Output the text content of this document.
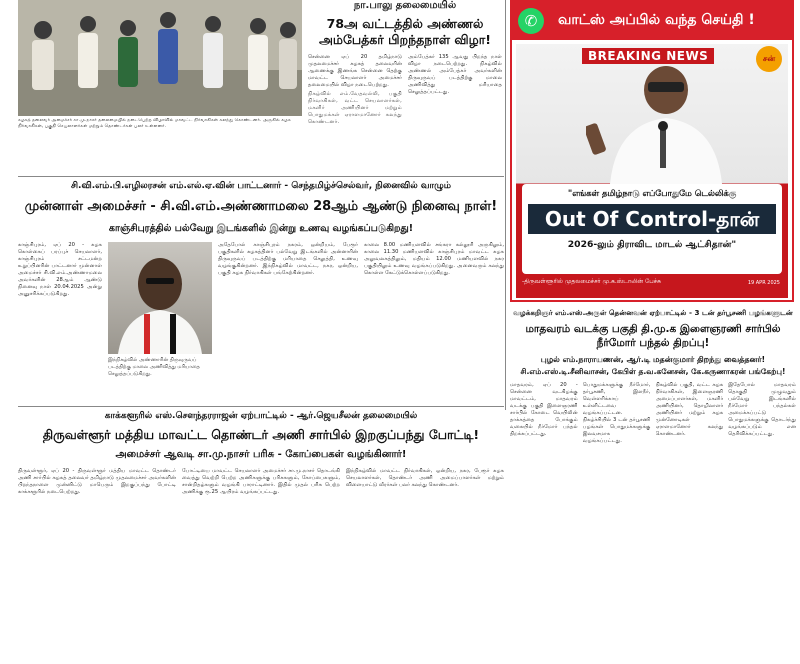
கழகத் தலைவர் அமைச்சர் சா.மு.நாசர் தலைமையில் நடைபெற்ற விழாவில் மாவட்ட நிர்வாகிகள் கலந்து கொண்டனர். அருகில் கழக நிர்வாகிகள், பகுதி செயலாளர்கள் மற்றும் தொண்டர்கள் பலர் உள்ளனர்.
நா.பாலு தலைமையில்
78அ வட்டத்தில் அண்ணல் அம்பேத்கர் பிறந்தநாள் விழா!

சென்னை ஏப் 20 தமிழ்நாடு முதலமைச்சர் கழகத் தலைவரின் ஆணைக்கு இணங்க சென்னை தெற்கு மாவட்ட செயலாளர் அமைச்சர் தலைமையில் விழா நடைபெற்றது.

நிகழ்வில் எம்.வேதவல்லி, பகுதி நிர்வாகிகள், வட்ட செயலாளர்கள், மகளிர் அணியினர் மற்றும் பொதுமக்கள் ஏராளமானோர் கலந்து கொண்டனர்.

அம்பேத்கர் 135 ஆவது பிறந்த நாள் விழா நடைபெற்றது. நிகழ்வில் அண்ணல் அம்பேத்கர் அவர்களின் திருவுருவப் படத்திற்கு மாலை அணிவித்து மரியாதை செலுத்தப்பட்டது.

✆	வாட்ஸ் அப்பில் வந்த செய்தி !
BREAKING NEWS	சன்
"எங்கள் தமிழ்நாடு எப்போதுமே டெல்லிக்கு
Out Of Control-தான்
2026-லும் திராவிட மாடல் ஆட்சிதான்"
-திருவள்ளூரில் முதலமைச்சர் மு.க.ஸ்டாலின் பேச்சு	19 APR 2025
சி.வி.எம்.பி.எழிலரசன் எம்.எல்.ஏ.வின் பாட்டனார் - செந்தமிழ்ச்செல்வர், நினைவில் வாழும்
முன்னாள் அமைச்சர் - சி.வி.எம்.அண்ணாமலை 28ஆம் ஆண்டு நினைவு நாள்!
காஞ்சிபுரத்தில் பல்வேறு இடங்களில் இன்று உணவு வழங்கப்படுகிறது!

காஞ்சிபுரம், ஏப் 20 - கழக கொள்கைப் பரப்புச் செயலாளர், காஞ்சிபுரம் சட்டமன்ற உறுப்பினரின் பாட்டனார் முன்னாள் அமைச்சர் சி.வி.எம்.அண்ணாமலை அவர்களின் 28ஆம் ஆண்டு நினைவு நாள் 20.04.2025 அன்று அனுசரிக்கப்படுகிறது.

இந்நிகழ்வில் அண்ணாரின் திருவுருவப் படத்திற்கு மாலை அணிவித்து மரியாதை செலுத்தப்படுகிறது.

அதேபோல் காஞ்சிபுரம் நகரம், ஒன்றியம், பேரூர் பகுதிகளில் கழகத்தினர் பல்வேறு இடங்களில் அன்னாரின் திருவுருவப் படத்திற்கு மரியாதை செலுத்தி, உணவு வழங்குகின்றனர். இந்நிகழ்வில் மாவட்ட, நகர, ஒன்றிய, பகுதி கழக நிர்வாகிகள் பங்கேற்கின்றனர்.

காலை 8.00 மணியளவில் சங்கரா கல்லூரி அருகிலும், காலை 11.30 மணியளவில் காஞ்சிபுரம் மாவட்ட கழக அலுவலகத்திலும், மதியம் 12.00 மணியளவில் நகர பகுதியிலும் உணவு வழங்கப்படுகிறது. அனைவரும் கலந்து கொள்ள கேட்டுக்கொள்ளப்படுகிறது.

காக்களூரில் எஸ்.சௌந்தரராஜன் ஏற்பாட்டில் - ஆர்.ஜெயசீலன் தலைமையில்
திருவள்ளூர் மத்திய மாவட்ட தொண்டர் அணி சார்பில் இறகுப்பந்து போட்டி!
அமைச்சர் ஆவடி சா.மு.நாசர் பரிசு - கோப்பைகள் வழங்கினார்!

திருவள்ளூர், ஏப் 20 - திருவள்ளூர் மத்திய மாவட்ட தொண்டர் அணி சார்பில் கழகத் தலைவர் தமிழ்நாடு முதலமைச்சர் அவர்களின் பிறந்தநாளை முன்னிட்டு மாபெரும் இறகுப்பந்து போட்டி காக்களூரில் நடைபெற்றது.

போட்டியை மாவட்ட செயலாளர் அமைச்சர் சா.மு.நாசர் தொடங்கி வைத்து வெற்றி பெற்ற அணிகளுக்கு பரிசுகளும், கோப்பைகளும், சான்றிதழ்களும் வழங்கி பாராட்டினார். இதில் முதல் பரிசு பெற்ற அணிக்கு ரூ.25 ஆயிரம் வழங்கப்பட்டது.

இந்நிகழ்வில் மாவட்ட நிர்வாகிகள், ஒன்றிய, நகர, பேரூர் கழக செயலாளர்கள், தொண்டர் அணி அமைப்பாளர்கள் மற்றும் விளையாட்டு வீரர்கள் பலர் கலந்து கொண்டனர்.

வழக்கறிஞர் எம்.எஸ்.அருள் தென்னவன் ஏற்பாட்டில் - 3 டன் தர்பூசணி பழங்களுடன்
மாதவரம் வடக்கு பகுதி தி.மு.க இளைஞரணி சார்பில் நீர்மோர் பந்தல் திறப்பு!
புழல் எம்.நாராயணன், ஆர்.டி மதன்குமார் திறந்து வைத்தனர்!
சி.எம்.எஸ்.டி.சீனிவாசன், கேபிள் த.வ.கனேசன், கே.கருணாகரன் பங்கேற்பு!

மாதவரம், ஏப் 20 - சென்னை வடகிழக்கு மாவட்டம், மாதவரம் வடக்கு பகுதி இளைஞரணி சார்பில் கோடை வெயிலின் தாக்கத்தை போக்கும் வகையில் நீர்மோர் பந்தல் திறக்கப்பட்டது.

பொதுமக்களுக்கு நீர்மோர், தர்பூசணி, இளநீர், வெள்ளரிக்காய் உள்ளிட்டவை வழங்கப்பட்டன. நிகழ்ச்சியில் 3 டன் தர்பூசணி பழங்கள் பொதுமக்களுக்கு இலவசமாக வழங்கப்பட்டது.

நிகழ்வில் பகுதி, வட்ட கழக நிர்வாகிகள், இளைஞரணி அமைப்பாளர்கள், மகளிர் அணியினர், தொழிலாளர் அணியினர் மற்றும் கழக முன்னோடிகள் ஏராளமானோர் கலந்து கொண்டனர்.

இதேபோல் மாதவரம் தொகுதி முழுவதும் பல்வேறு இடங்களில் நீர்மோர் பந்தல்கள் அமைக்கப்பட்டு பொதுமக்களுக்கு தொடர்ந்து வழங்கப்படும் என தெரிவிக்கப்பட்டது.
